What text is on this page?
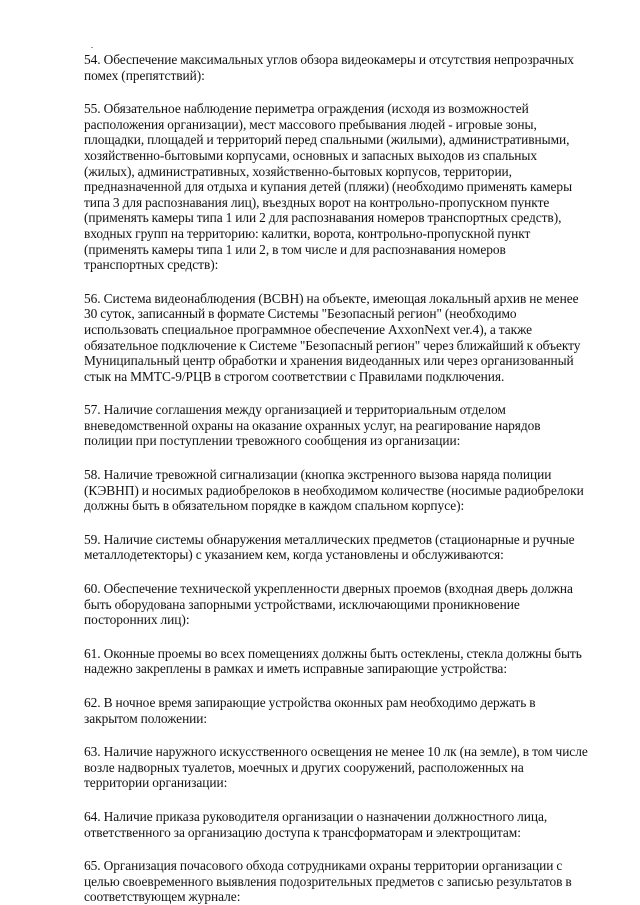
54. Обеспечение максимальных углов обзора видеокамеры и отсутствия непрозрачных помех (препятствий):

55. Обязательное наблюдение периметра ограждения (исходя из возможностей расположения организации), мест массового пребывания людей - игровые зоны, площадки, площадей и территорий перед спальными (жилыми), административными, хозяйственно-бытовыми корпусами, основных и запасных выходов из спальных (жилых), административных, хозяйственно-бытовых корпусов, территории, предназначенной для отдыха и купания детей (пляжи) (необходимо применять камеры типа 3 для распознавания лиц), въездных ворот на контрольно-пропускном пункте (применять камеры типа 1 или 2 для распознавания номеров транспортных средств), входных групп на территорию: калитки, ворота, контрольно-пропускной пункт (применять камеры типа 1 или 2, в том числе и для распознавания номеров транспортных средств):

56. Система видеонаблюдения (ВСВН) на объекте, имеющая локальный архив не менее 30 суток, записанный в формате Системы "Безопасный регион" (необходимо использовать специальное программное обеспечение AxxonNext ver.4), а также обязательное подключение к Системе "Безопасный регион" через ближайший к объекту Муниципальный центр обработки и хранения видеоданных или через организованный стык на ММТС-9/РЦВ в строгом соответствии с Правилами подключения.

57. Наличие соглашения между организацией и территориальным отделом вневедомственной охраны на оказание охранных услуг, на реагирование нарядов полиции при поступлении тревожного сообщения из организации:

58. Наличие тревожной сигнализации (кнопка экстренного вызова наряда полиции (КЭВНП) и носимых радиобрелоков в необходимом количестве (носимые радиобрелоки должны быть в обязательном порядке в каждом спальном корпусе):

59. Наличие системы обнаружения металлических предметов (стационарные и ручные металлодетекторы) с указанием кем, когда установлены и обслуживаются:

60. Обеспечение технической укрепленности дверных проемов (входная дверь должна быть оборудована запорными устройствами, исключающими проникновение посторонних лиц):

61. Оконные проемы во всех помещениях должны быть остеклены, стекла должны быть надежно закреплены в рамках и иметь исправные запирающие устройства:

62. В ночное время запирающие устройства оконных рам необходимо держать в закрытом положении:

63. Наличие наружного искусственного освещения не менее 10 лк (на земле), в том числе возле надворных туалетов, моечных и других сооружений, расположенных на территории организации:

64. Наличие приказа руководителя организации о назначении должностного лица, ответственного за организацию доступа к трансформаторам и электрощитам:

65. Организация почасового обхода сотрудниками охраны территории организации с целью своевременного выявления подозрительных предметов с записью результатов в соответствующем журнале:
